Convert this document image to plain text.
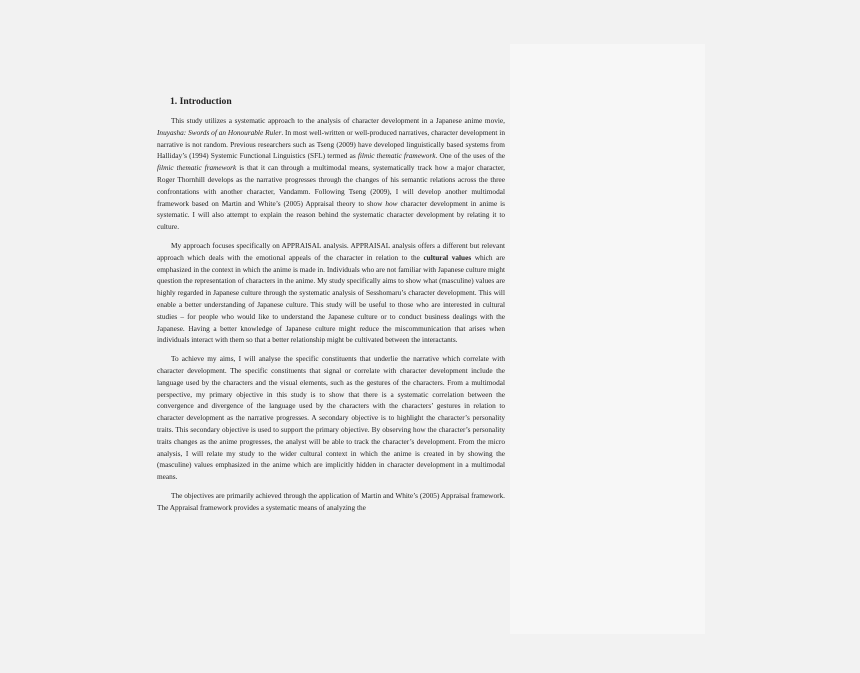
1. Introduction

This study utilizes a systematic approach to the analysis of character development in a Japanese anime movie, Inuyasha: Swords of an Honourable Ruler. In most well-written or well-produced narratives, character development in narrative is not random. Previous researchers such as Tseng (2009) have developed linguistically based systems from Halliday’s (1994) Systemic Functional Linguistics (SFL) termed as filmic thematic framework. One of the uses of the filmic thematic framework is that it can through a multimodal means, systematically track how a major character, Roger Thornhill develops as the narrative progresses through the changes of his semantic relations across the three confrontations with another character, Vandamm. Following Tseng (2009), I will develop another multimodal framework based on Martin and White’s (2005) Appraisal theory to show how character development in anime is systematic. I will also attempt to explain the reason behind the systematic character development by relating it to culture.

My approach focuses specifically on APPRAISAL analysis. APPRAISAL analysis offers a different but relevant approach which deals with the emotional appeals of the character in relation to the cultural values which are emphasized in the context in which the anime is made in. Individuals who are not familiar with Japanese culture might question the representation of characters in the anime. My study specifically aims to show what (masculine) values are highly regarded in Japanese culture through the systematic analysis of Sesshomaru’s character development. This will enable a better understanding of Japanese culture. This study will be useful to those who are interested in cultural studies – for people who would like to understand the Japanese culture or to conduct business dealings with the Japanese. Having a better knowledge of Japanese culture might reduce the miscommunication that arises when individuals interact with them so that a better relationship might be cultivated between the interactants.

To achieve my aims, I will analyse the specific constituents that underlie the narrative which correlate with character development. The specific constituents that signal or correlate with character development include the language used by the characters and the visual elements, such as the gestures of the characters. From a multimodal perspective, my primary objective in this study is to show that there is a systematic correlation between the convergence and divergence of the language used by the characters with the characters’ gestures in relation to character development as the narrative progresses. A secondary objective is to highlight the character’s personality traits. This secondary objective is used to support the primary objective. By observing how the character’s personality traits changes as the anime progresses, the analyst will be able to track the character’s development. From the micro analysis, I will relate my study to the wider cultural context in which the anime is created in by showing the (masculine) values emphasized in the anime which are implicitly hidden in character development in a multimodal means.

The objectives are primarily achieved through the application of Martin and White’s (2005) Appraisal framework. The Appraisal framework provides a systematic means of analyzing the
